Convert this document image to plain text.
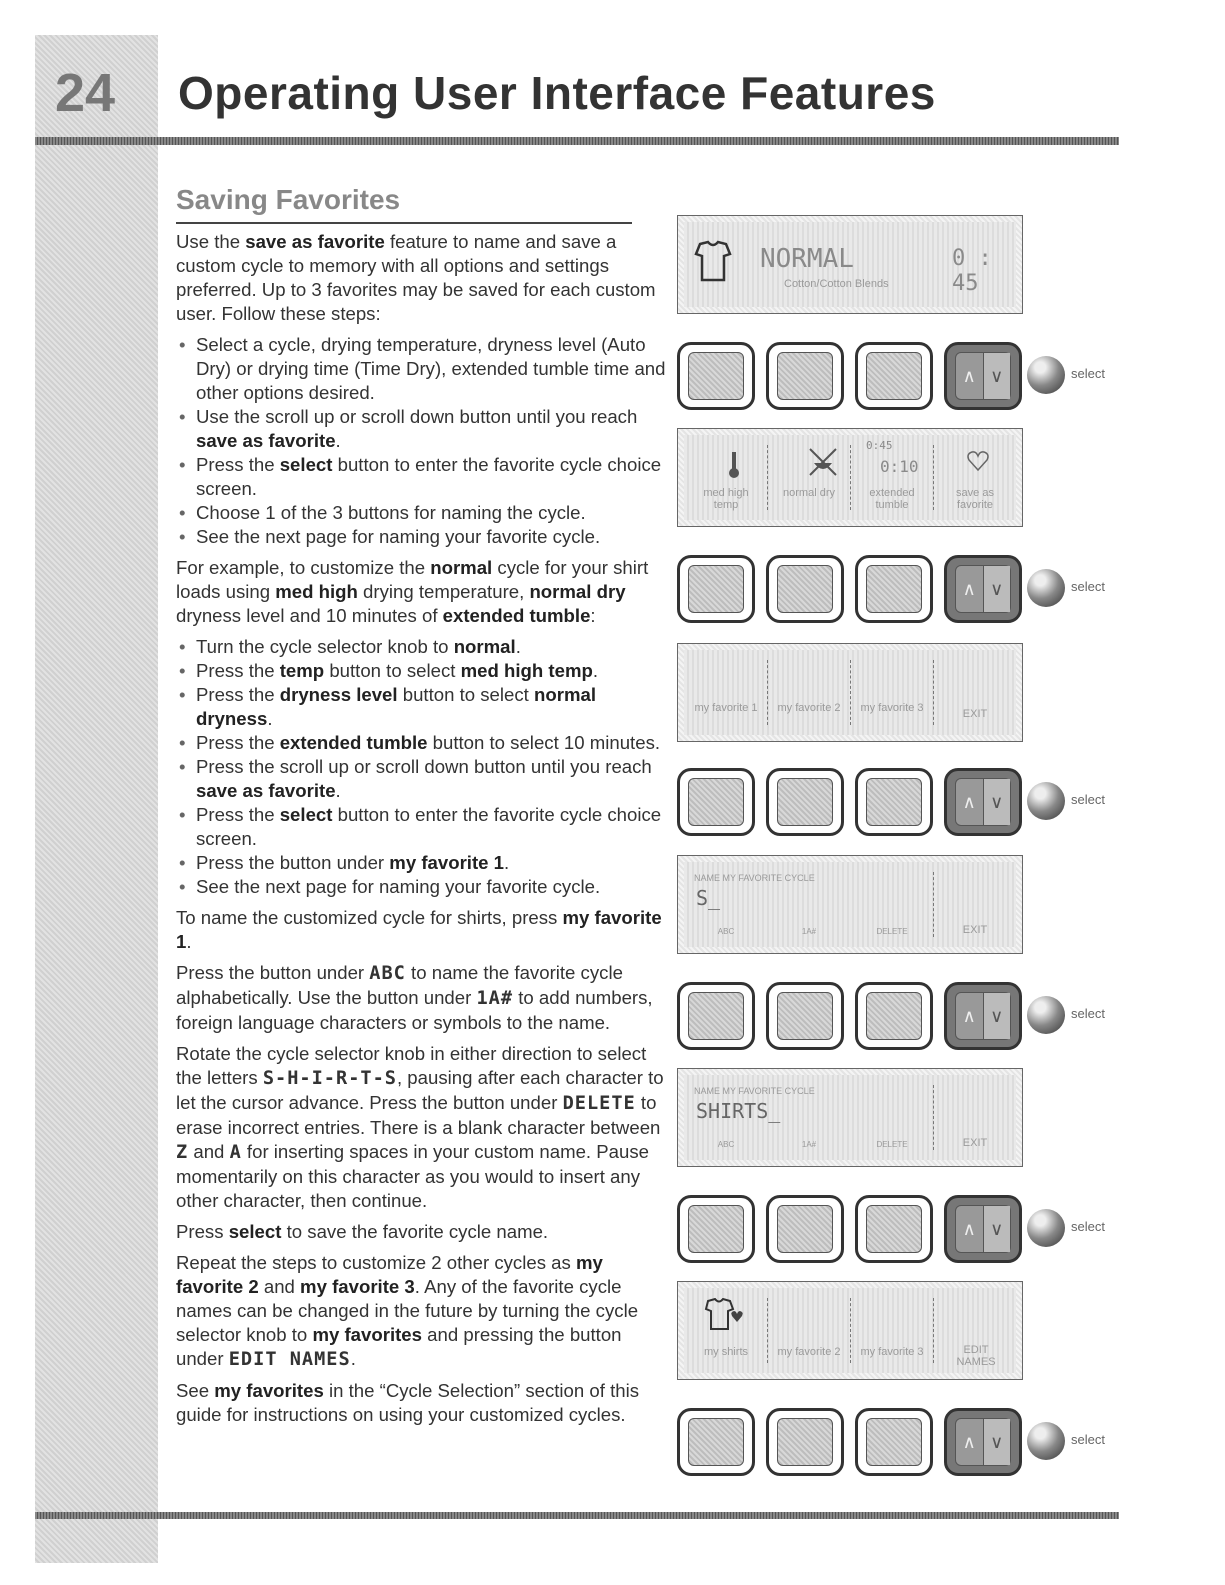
24 Operating User Interface Features
Saving Favorites

Use the save as favorite feature to name and save a custom cycle to memory with all options and settings preferred. Up to 3 favorites may be saved for each custom user. Follow these steps:

• Select a cycle, drying temperature, dryness level (Auto Dry) or drying time (Time Dry), extended tumble time and other options desired.
• Use the scroll up or scroll down button until you reach save as favorite.
• Press the select button to enter the favorite cycle choice screen.
• Choose 1 of the 3 buttons for naming the cycle.
• See the next page for naming your favorite cycle.

For example, to customize the normal cycle for your shirt loads using med high drying temperature, normal dry dryness level and 10 minutes of extended tumble:

• Turn the cycle selector knob to normal.
• Press the temp button to select med high temp.
• Press the dryness level button to select normal dryness.
• Press the extended tumble button to select 10 minutes.
• Press the scroll up or scroll down button until you reach save as favorite.
• Press the select button to enter the favorite cycle choice screen.
• Press the button under my favorite 1.
• See the next page for naming your favorite cycle.

To name the customized cycle for shirts, press my favorite 1.

Press the button under ABC to name the favorite cycle alphabetically. Use the button under 1A# to add numbers, foreign language characters or symbols to the name.

Rotate the cycle selector knob in either direction to select the letters S-H-I-R-T-S, pausing after each character to let the cursor advance. Press the button under DELETE to erase incorrect entries. There is a blank character between Z and A for inserting spaces in your custom name. Pause momentarily on this character as you would to insert any other character, then continue.

Press select to save the favorite cycle name.

Repeat the steps to customize 2 other cycles as my favorite 2 and my favorite 3. Any of the favorite cycle names can be changed in the future by turning the cycle selector knob to my favorites and pressing the button under EDIT NAMES.

See my favorites in the “Cycle Selection” section of this guide for instructions on using your customized cycles.

NORMAL	0 : 45
Cotton/Cotton Blends
∧ ∨	select
0:45
0:10
med high temp
normal dry	extended tumble
save as favorite
∧ ∨	select
my favorite 1	my favorite 2	my favorite 3	EXIT
∧ ∨	select
NAME MY FAVORITE CYCLE
S_
ABC	1A#	DELETE	EXIT
∧ ∨	select
NAME MY FAVORITE CYCLE
SHIRTS_
ABC	1A#	DELETE	EXIT
∧ ∨	select
my shirts	my favorite 2	my favorite 3	EDIT NAMES
∧ ∨	select
